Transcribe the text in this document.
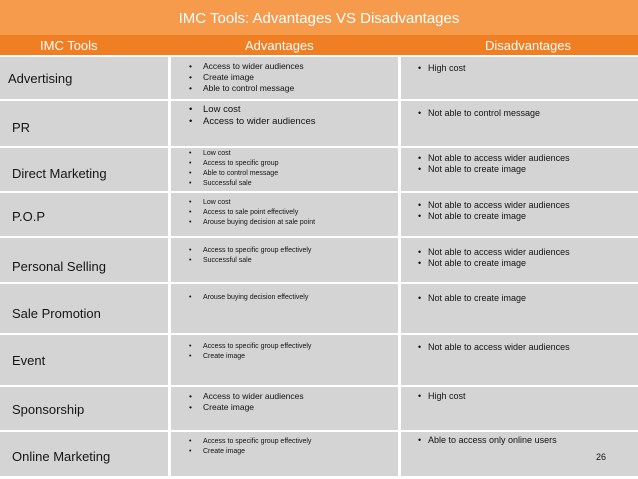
IMC Tools: Advantages VS Disadvantages
IMC Tools	Advantages	Disadvantages
Advertising
• Access to wider audiences
• Create image
• Able to control message
• High cost
PR
• Low cost
• Access to wider audiences
• Not able to control message
Direct Marketing
• Low cost
• Access to specific group
• Able to control message
• Successful sale
• Not able to access wider audiences
• Not able to create image
P.O.P
• Low cost
• Access to sale point effectively
• Arouse buying decision at sale point
• Not able to access wider audiences
• Not able to create image
Personal Selling
• Access to specific group effectively
• Successful sale
• Not able to access wider audiences
• Not able to create image
Sale Promotion
• Arouse buying decision effectively
•	Not able to create image
Event
• Access to specific group effectively
• Create image
• Not able to access wider audiences
Sponsorship
• Access to wider audiences
• Create image
• High cost
Online Marketing
• Access to specific group effectively
• Create image
• Able to access only online users
26
